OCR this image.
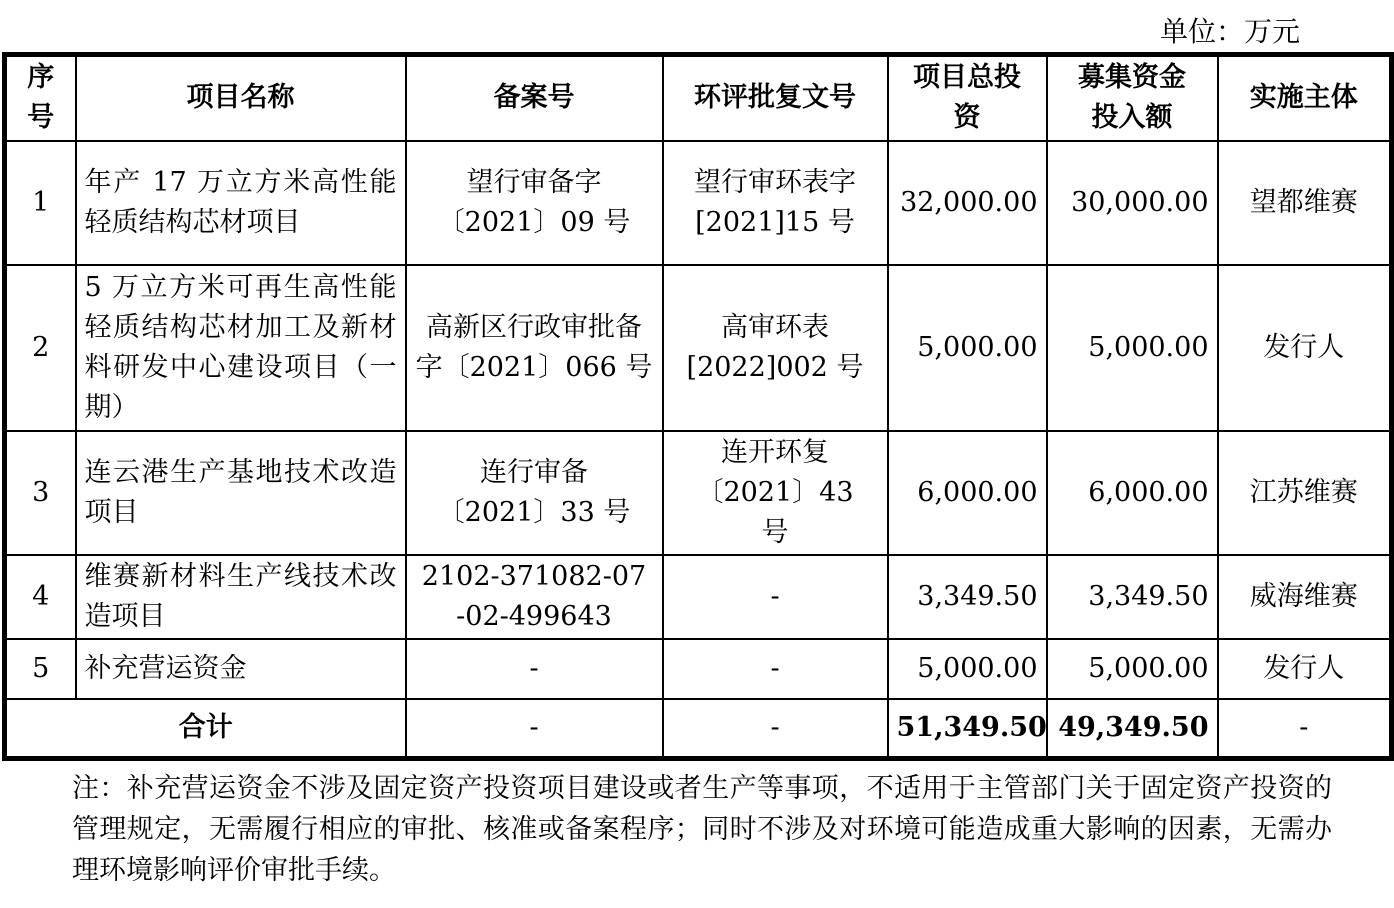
单位：万元
序号	项目名称	备案号	环评批复文号	项目总投资	募集资金投入额	实施主体
1	年产 17 万立方米高性能轻质结构芯材项目	望行审备字〔2021〕09 号	望行审环表字[2021]15 号	32,000.00	30,000.00	望都维赛
2	5 万立方米可再生高性能轻质结构芯材加工及新材料研发中心建设项目（一期）	高新区行政审批备字〔2021〕066 号	高审环表[2022]002 号	5,000.00	5,000.00	发行人
3	连云港生产基地技术改造项目	连行审备〔2021〕33 号	连开环复〔2021〕43 号	6,000.00	6,000.00	江苏维赛
4	维赛新材料生产线技术改造项目	2102-371082-07-02-499643	-	3,349.50	3,349.50	威海维赛
5	补充营运资金	-	-	5,000.00	5,000.00	发行人
合计		-	-	51,349.50	49,349.50	-
注：补充营运资金不涉及固定资产投资项目建设或者生产等事项，不适用于主管部门关于固定资产投资的管理规定，无需履行相应的审批、核准或备案程序；同时不涉及对环境可能造成重大影响的因素，无需办理环境影响评价审批手续。
